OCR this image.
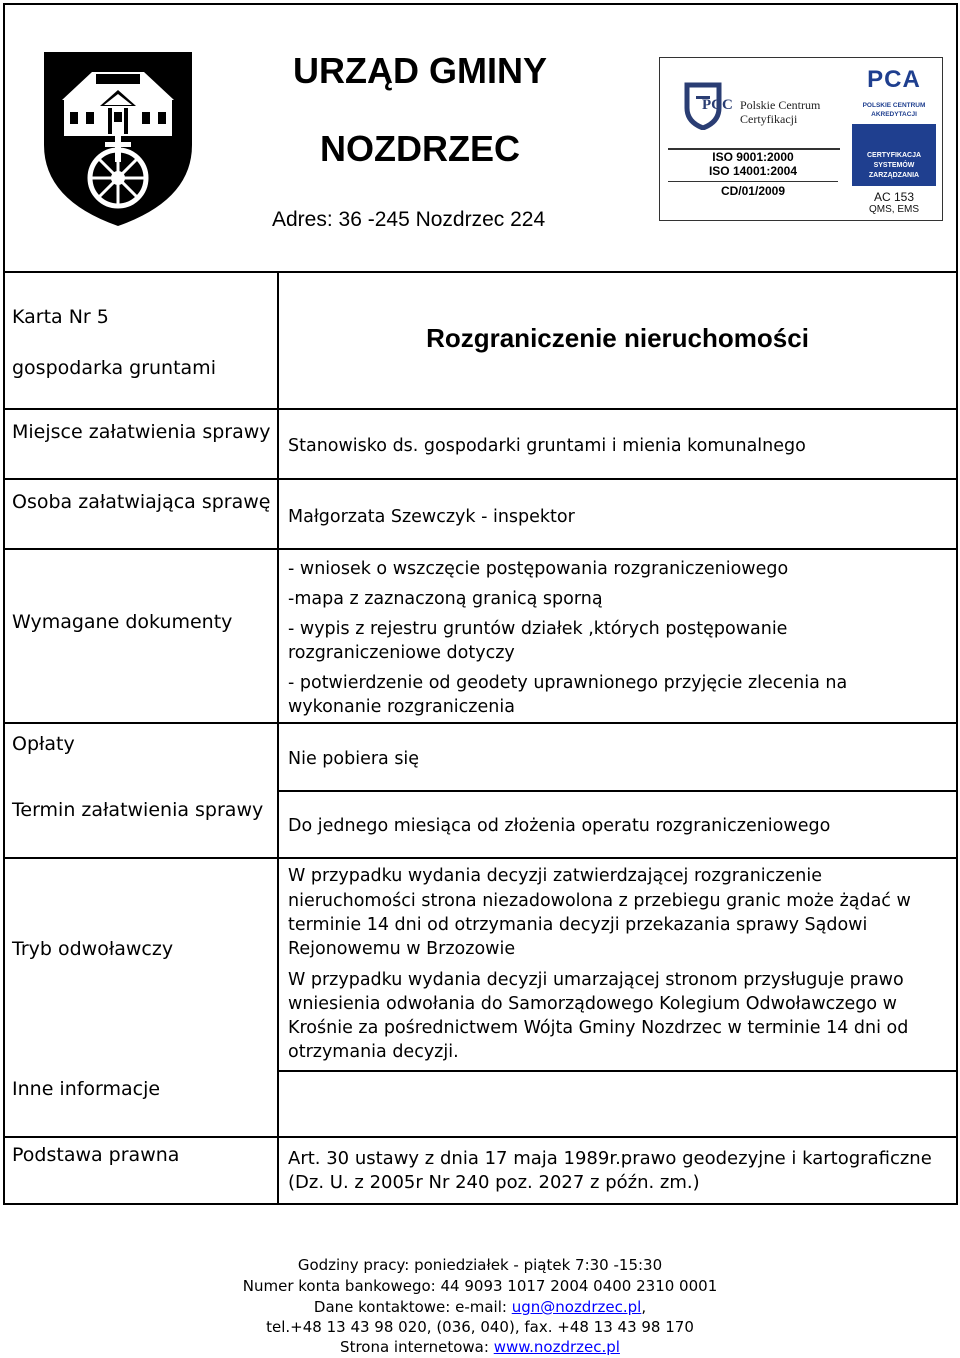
URZĄD GMINY
NOZDRZEC
Adres: 36 -245 Nozdrzec 224
PCC Polskie Centrum
Certyfikacji
ISO 9001:2000
ISO 14001:2004
CD/01/2009
PCA
POLSKIE CENTRUM
AKREDYTACJI
CERTYFIKACJA
SYSTEMÓW
ZARZĄDZANIA
AC 153
QMS, EMS
Karta Nr 5
gospodarka gruntami
Rozgraniczenie nieruchomości
Miejsce załatwienia sprawy
Stanowisko ds. gospodarki gruntami i mienia komunalnego
Osoba załatwiająca sprawę
Małgorzata Szewczyk - inspektor
Wymagane dokumenty
- wniosek o wszczęcie postępowania rozgraniczeniowego
-mapa z zaznaczoną granicą sporną
- wypis z rejestru gruntów działek ,których postępowanie
rozgraniczeniowe dotyczy
- potwierdzenie od geodety uprawnionego przyjęcie zlecenia na
wykonanie rozgraniczenia
Opłaty
Nie pobiera się
Termin załatwienia sprawy
Do jednego miesiąca od złożenia operatu rozgraniczeniowego
Tryb odwoławczy
W przypadku wydania decyzji zatwierdzającej rozgraniczenie
nieruchomości strona niezadowolona z przebiegu granic może żądać w
terminie 14 dni od otrzymania decyzji przekazania sprawy Sądowi
Rejonowemu w Brzozowie
W przypadku wydania decyzji umarzającej stronom przysługuje prawo
wniesienia odwołania do Samorządowego Kolegium Odwoławczego w
Krośnie za pośrednictwem Wójta Gminy Nozdrzec w terminie 14 dni od
otrzymania decyzji.
Inne informacje
Podstawa prawna	Art. 30 ustawy z dnia 17 maja 1989r.prawo geodezyjne i kartograficzne
(Dz. U. z 2005r Nr 240 poz. 2027 z późn. zm.)
Godziny pracy: poniedziałek - piątek 7:30 -15:30
Numer konta bankowego: 44 9093 1017 2004 0400 2310 0001
Dane kontaktowe: e-mail: ugn@nozdrzec.pl,
tel.+48 13 43 98 020, (036, 040), fax. +48 13 43 98 170
Strona internetowa: www.nozdrzec.pl
